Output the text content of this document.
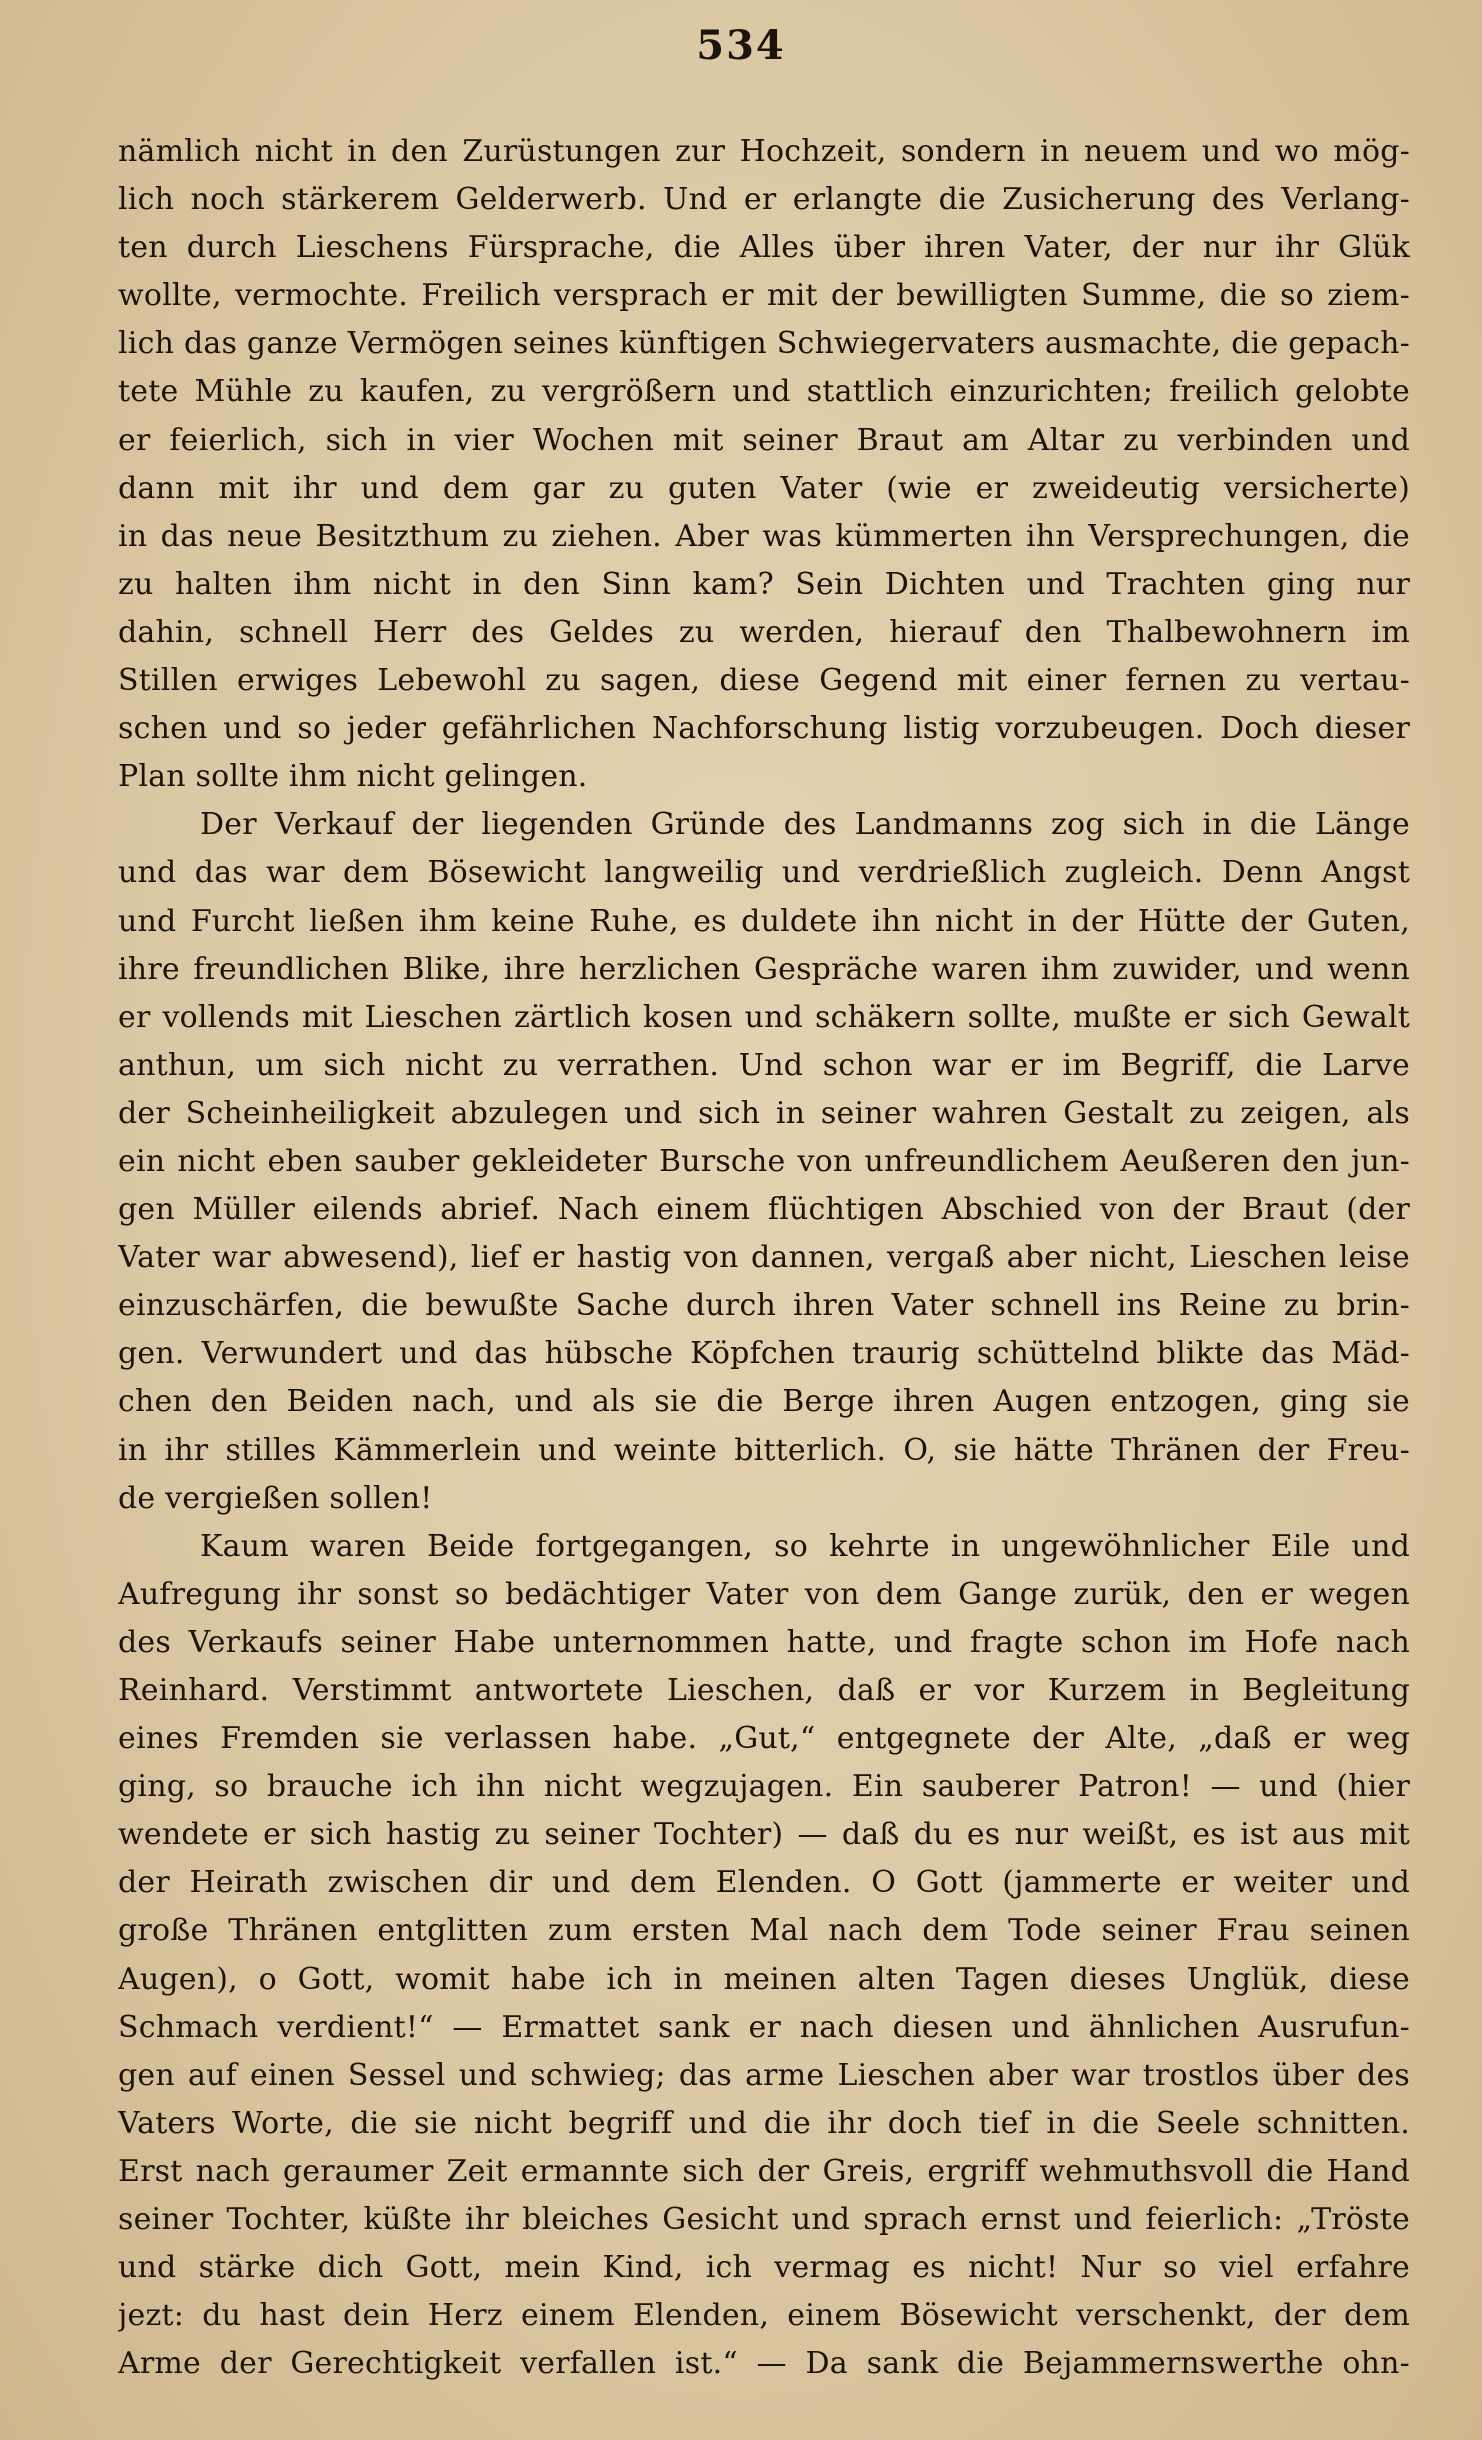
534
nämlich nicht in den Zurüstungen zur Hochzeit, sondern in neuem und wo mög-
lich noch stärkerem Gelderwerb. Und er erlangte die Zusicherung des Verlang-
ten durch Lieschens Fürsprache, die Alles über ihren Vater, der nur ihr Glük
wollte, vermochte. Freilich versprach er mit der bewilligten Summe, die so ziem-
lich das ganze Vermögen seines künftigen Schwiegervaters ausmachte, die gepach-
tete Mühle zu kaufen, zu vergrößern und stattlich einzurichten; freilich gelobte
er feierlich, sich in vier Wochen mit seiner Braut am Altar zu verbinden und
dann mit ihr und dem gar zu guten Vater (wie er zweideutig versicherte)
in das neue Besitzthum zu ziehen. Aber was kümmerten ihn Versprechungen, die
zu halten ihm nicht in den Sinn kam? Sein Dichten und Trachten ging nur
dahin, schnell Herr des Geldes zu werden, hierauf den Thalbewohnern im
Stillen erwiges Lebewohl zu sagen, diese Gegend mit einer fernen zu vertau-
schen und so jeder gefährlichen Nachforschung listig vorzubeugen. Doch dieser
Plan sollte ihm nicht gelingen.
Der Verkauf der liegenden Gründe des Landmanns zog sich in die Länge
und das war dem Bösewicht langweilig und verdrießlich zugleich. Denn Angst
und Furcht ließen ihm keine Ruhe, es duldete ihn nicht in der Hütte der Guten,
ihre freundlichen Blike, ihre herzlichen Gespräche waren ihm zuwider, und wenn
er vollends mit Lieschen zärtlich kosen und schäkern sollte, mußte er sich Gewalt
anthun, um sich nicht zu verrathen. Und schon war er im Begriff, die Larve
der Scheinheiligkeit abzulegen und sich in seiner wahren Gestalt zu zeigen, als
ein nicht eben sauber gekleideter Bursche von unfreundlichem Aeußeren den jun-
gen Müller eilends abrief. Nach einem flüchtigen Abschied von der Braut (der
Vater war abwesend), lief er hastig von dannen, vergaß aber nicht, Lieschen leise
einzuschärfen, die bewußte Sache durch ihren Vater schnell ins Reine zu brin-
gen. Verwundert und das hübsche Köpfchen traurig schüttelnd blikte das Mäd-
chen den Beiden nach, und als sie die Berge ihren Augen entzogen, ging sie
in ihr stilles Kämmerlein und weinte bitterlich. O, sie hätte Thränen der Freu-
de vergießen sollen!
Kaum waren Beide fortgegangen, so kehrte in ungewöhnlicher Eile und
Aufregung ihr sonst so bedächtiger Vater von dem Gange zurük, den er wegen
des Verkaufs seiner Habe unternommen hatte, und fragte schon im Hofe nach
Reinhard. Verstimmt antwortete Lieschen, daß er vor Kurzem in Begleitung
eines Fremden sie verlassen habe. „Gut,“ entgegnete der Alte, „daß er weg
ging, so brauche ich ihn nicht wegzujagen. Ein sauberer Patron! — und (hier
wendete er sich hastig zu seiner Tochter) — daß du es nur weißt, es ist aus mit
der Heirath zwischen dir und dem Elenden. O Gott (jammerte er weiter und
große Thränen entglitten zum ersten Mal nach dem Tode seiner Frau seinen
Augen), o Gott, womit habe ich in meinen alten Tagen dieses Unglük, diese
Schmach verdient!“ — Ermattet sank er nach diesen und ähnlichen Ausrufun-
gen auf einen Sessel und schwieg; das arme Lieschen aber war trostlos über des
Vaters Worte, die sie nicht begriff und die ihr doch tief in die Seele schnitten.
Erst nach geraumer Zeit ermannte sich der Greis, ergriff wehmuthsvoll die Hand
seiner Tochter, küßte ihr bleiches Gesicht und sprach ernst und feierlich: „Tröste
und stärke dich Gott, mein Kind, ich vermag es nicht! Nur so viel erfahre
jezt: du hast dein Herz einem Elenden, einem Bösewicht verschenkt, der dem
Arme der Gerechtigkeit verfallen ist.“ — Da sank die Bejammernswerthe ohn-
